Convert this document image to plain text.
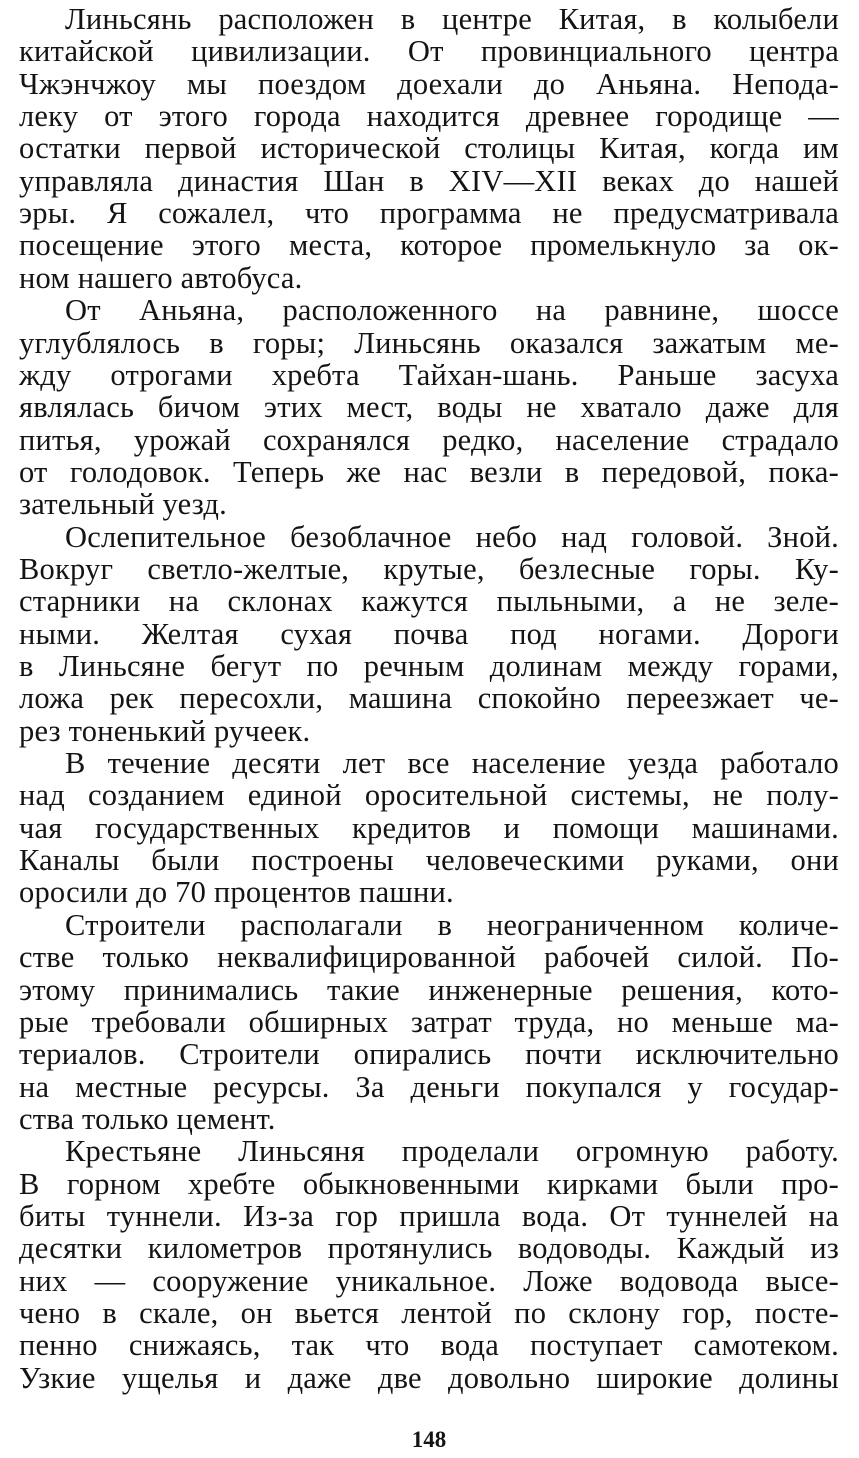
Линьсянь расположен в центре Китая, в колыбели
китайской цивилизации. От провинциального центра
Чжэнчжоу мы поездом доехали до Аньяна. Непода-
леку от этого города находится древнее городище —
остатки первой исторической столицы Китая, когда им
управляла династия Шан в XIV—XII веках до нашей
эры. Я сожалел, что программа не предусматривала
посещение этого места, которое промелькнуло за ок-
ном нашего автобуса.
От Аньяна, расположенного на равнине, шоссе
углублялось в горы; Линьсянь оказался зажатым ме-
жду отрогами хребта Тайхан-шань. Раньше засуха
являлась бичом этих мест, воды не хватало даже для
питья, урожай сохранялся редко, население страдало
от голодовок. Теперь же нас везли в передовой, пока-
зательный уезд.
Ослепительное безоблачное небо над головой. Зной.
Вокруг светло-желтые, крутые, безлесные горы. Ку-
старники на склонах кажутся пыльными, а не зеле-
ными. Желтая сухая почва под ногами. Дороги
в Линьсяне бегут по речным долинам между горами,
ложа рек пересохли, машина спокойно переезжает че-
рез тоненький ручеек.
В течение десяти лет все население уезда работало
над созданием единой оросительной системы, не полу-
чая государственных кредитов и помощи машинами.
Каналы были построены человеческими руками, они
оросили до 70 процентов пашни.
Строители располагали в неограниченном количе-
стве только неквалифицированной рабочей силой. По-
этому принимались такие инженерные решения, кото-
рые требовали обширных затрат труда, но меньше ма-
териалов. Строители опирались почти исключительно
на местные ресурсы. За деньги покупался у государ-
ства только цемент.
Крестьяне Линьсяня проделали огромную работу.
В горном хребте обыкновенными кирками были про-
биты туннели. Из-за гор пришла вода. От туннелей на
десятки километров протянулись водоводы. Каждый из
них — сооружение уникальное. Ложе водовода высе-
чено в скале, он вьется лентой по склону гор, посте-
пенно снижаясь, так что вода поступает самотеком.
Узкие ущелья и даже две довольно широкие долины
148
